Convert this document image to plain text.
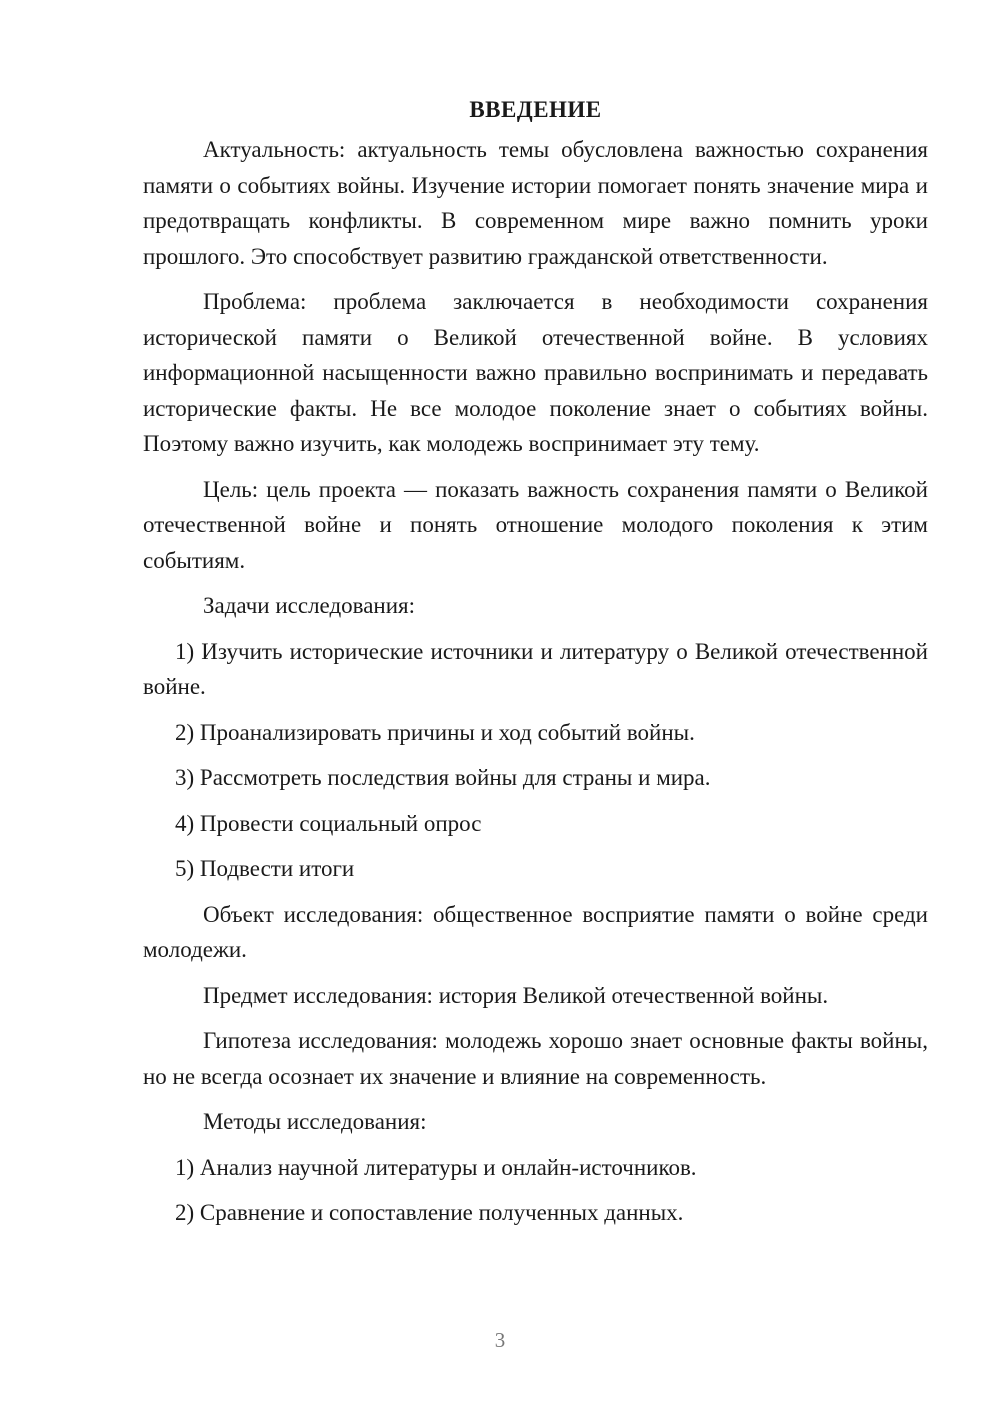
ВВЕДЕНИЕ

Актуальность: актуальность темы обусловлена важностью сохранения памяти о событиях войны. Изучение истории помогает понять значение мира и предотвращать конфликты. В современном мире важно помнить уроки прошлого. Это способствует развитию гражданской ответственности.

Проблема: проблема заключается в необходимости сохранения исторической памяти о Великой отечественной войне. В условиях информационной насыщенности важно правильно воспринимать и передавать исторические факты. Не все молодое поколение знает о событиях войны. Поэтому важно изучить, как молодежь воспринимает эту тему.

Цель: цель проекта — показать важность сохранения памяти о Великой отечественной войне и понять отношение молодого поколения к этим событиям.

Задачи исследования:

1) Изучить исторические источники и литературу о Великой отечественной войне.

2) Проанализировать причины и ход событий войны.

3) Рассмотреть последствия войны для страны и мира.

4) Провести социальный опрос

5) Подвести итоги

Объект исследования: общественное восприятие памяти о войне среди молодежи.

Предмет исследования: история Великой отечественной войны.

Гипотеза исследования: молодежь хорошо знает основные факты войны, но не всегда осознает их значение и влияние на современность.

Методы исследования:

1) Анализ научной литературы и онлайн-источников.

2) Сравнение и сопоставление полученных данных.

3
